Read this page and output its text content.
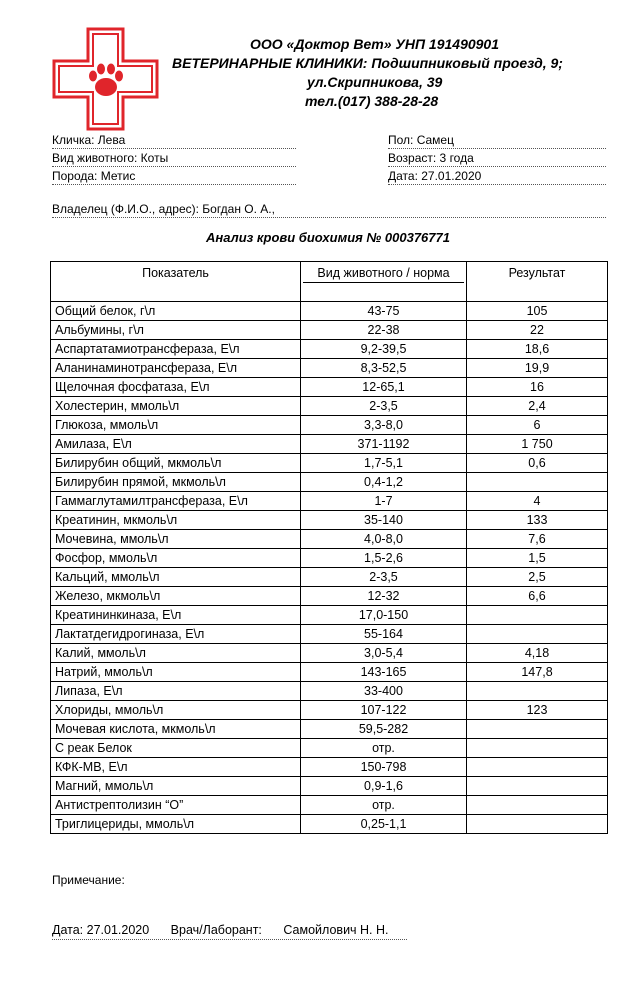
ООО «Доктор Вет» УНП 191490901
ВЕТЕРИНАРНЫЕ КЛИНИКИ: Подшипниковый проезд, 9;
ул.Скрипникова, 39
тел.(017) 388-28-28
Кличка: Лева
Вид животного: Коты
Порода: Метис
Пол: Самец
Возраст: 3 года
Дата: 27.01.2020
Владелец (Ф.И.О., адрес): Богдан О. А.,
Анализ крови биохимия № 000376771
Показатель	Вид животного / норма	Результат
Общий белок, г\л	43-75	105
Альбумины, г\л	22-38	22
Аспартатамиотрансфераза, Е\л	9,2-39,5	18,6
Аланинаминотрансфераза, Е\л	8,3-52,5	19,9
Щелочная фосфатаза, Е\л	12-65,1	16
Холестерин, ммоль\л	2-3,5	2,4
Глюкоза, ммоль\л	3,3-8,0	6
Амилаза, Е\л	371-1192	1 750
Билирубин общий, мкмоль\л	1,7-5,1	0,6
Билирубин прямой, мкмоль\л	0,4-1,2	
Гаммаглутамилтрансфераза, Е\л	1-7	4
Креатинин, мкмоль\л	35-140	133
Мочевина, ммоль\л	4,0-8,0	7,6
Фосфор, ммоль\л	1,5-2,6	1,5
Кальций, ммоль\л	2-3,5	2,5
Железо, мкмоль\л	12-32	6,6
Креатининкиназа, Е\л	17,0-150	
Лактатдегидрогиназа, Е\л	55-164	
Калий, ммоль\л	3,0-5,4	4,18
Натрий, ммоль\л	143-165	147,8
Липаза, Е\л	33-400	
Хлориды, ммоль\л	107-122	123
Мочевая кислота, мкмоль\л	59,5-282	
С реак Белок	отр.	
КФК-МВ, Е\л	150-798	
Магний, ммоль\л	0,9-1,6	
Антистрептолизин “О”	отр.	
Триглицериды, ммоль\л	0,25-1,1	
Примечание:
Дата: 27.01.2020 Врач/Лаборант: Самойлович Н. Н.
